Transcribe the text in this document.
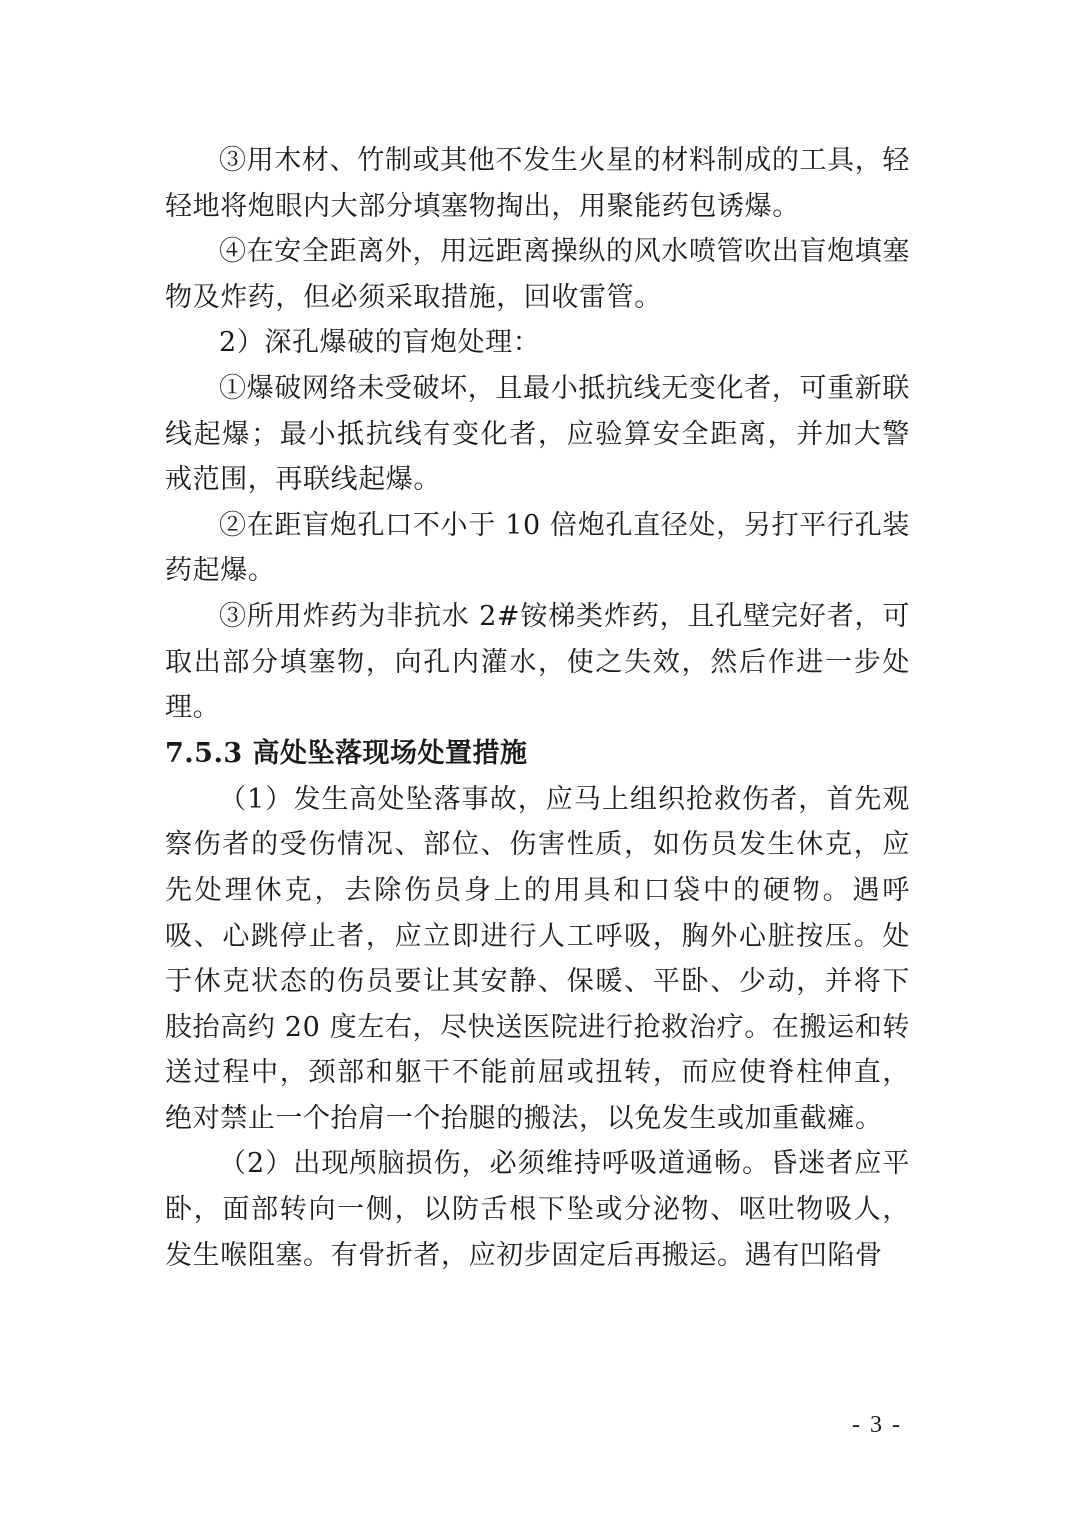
③用木材、竹制或其他不发生火星的材料制成的工具，轻轻地将炮眼内大部分填塞物掏出，用聚能药包诱爆。

④在安全距离外，用远距离操纵的风水喷管吹出盲炮填塞物及炸药，但必须采取措施，回收雷管。

2）深孔爆破的盲炮处理：

①爆破网络未受破坏，且最小抵抗线无变化者，可重新联线起爆；最小抵抗线有变化者，应验算安全距离，并加大警戒范围，再联线起爆。

②在距盲炮孔口不小于 10 倍炮孔直径处，另打平行孔装药起爆。

③所用炸药为非抗水 2#铵梯类炸药，且孔壁完好者，可取出部分填塞物，向孔内灌水，使之失效，然后作进一步处理。

7.5.3 高处坠落现场处置措施

（1）发生高处坠落事故，应马上组织抢救伤者，首先观察伤者的受伤情况、部位、伤害性质，如伤员发生休克，应先处理休克，去除伤员身上的用具和口袋中的硬物。遇呼吸、心跳停止者，应立即进行人工呼吸，胸外心脏按压。处于休克状态的伤员要让其安静、保暖、平卧、少动，并将下肢抬高约 20 度左右，尽快送医院进行抢救治疗。在搬运和转送过程中，颈部和躯干不能前屈或扭转，而应使脊柱伸直，绝对禁止一个抬肩一个抬腿的搬法，以免发生或加重截瘫。

（2）出现颅脑损伤，必须维持呼吸道通畅。昏迷者应平卧，面部转向一侧，以防舌根下坠或分泌物、呕吐物吸人，发生喉阻塞。有骨折者，应初步固定后再搬运。遇有凹陷骨

- 3 -
